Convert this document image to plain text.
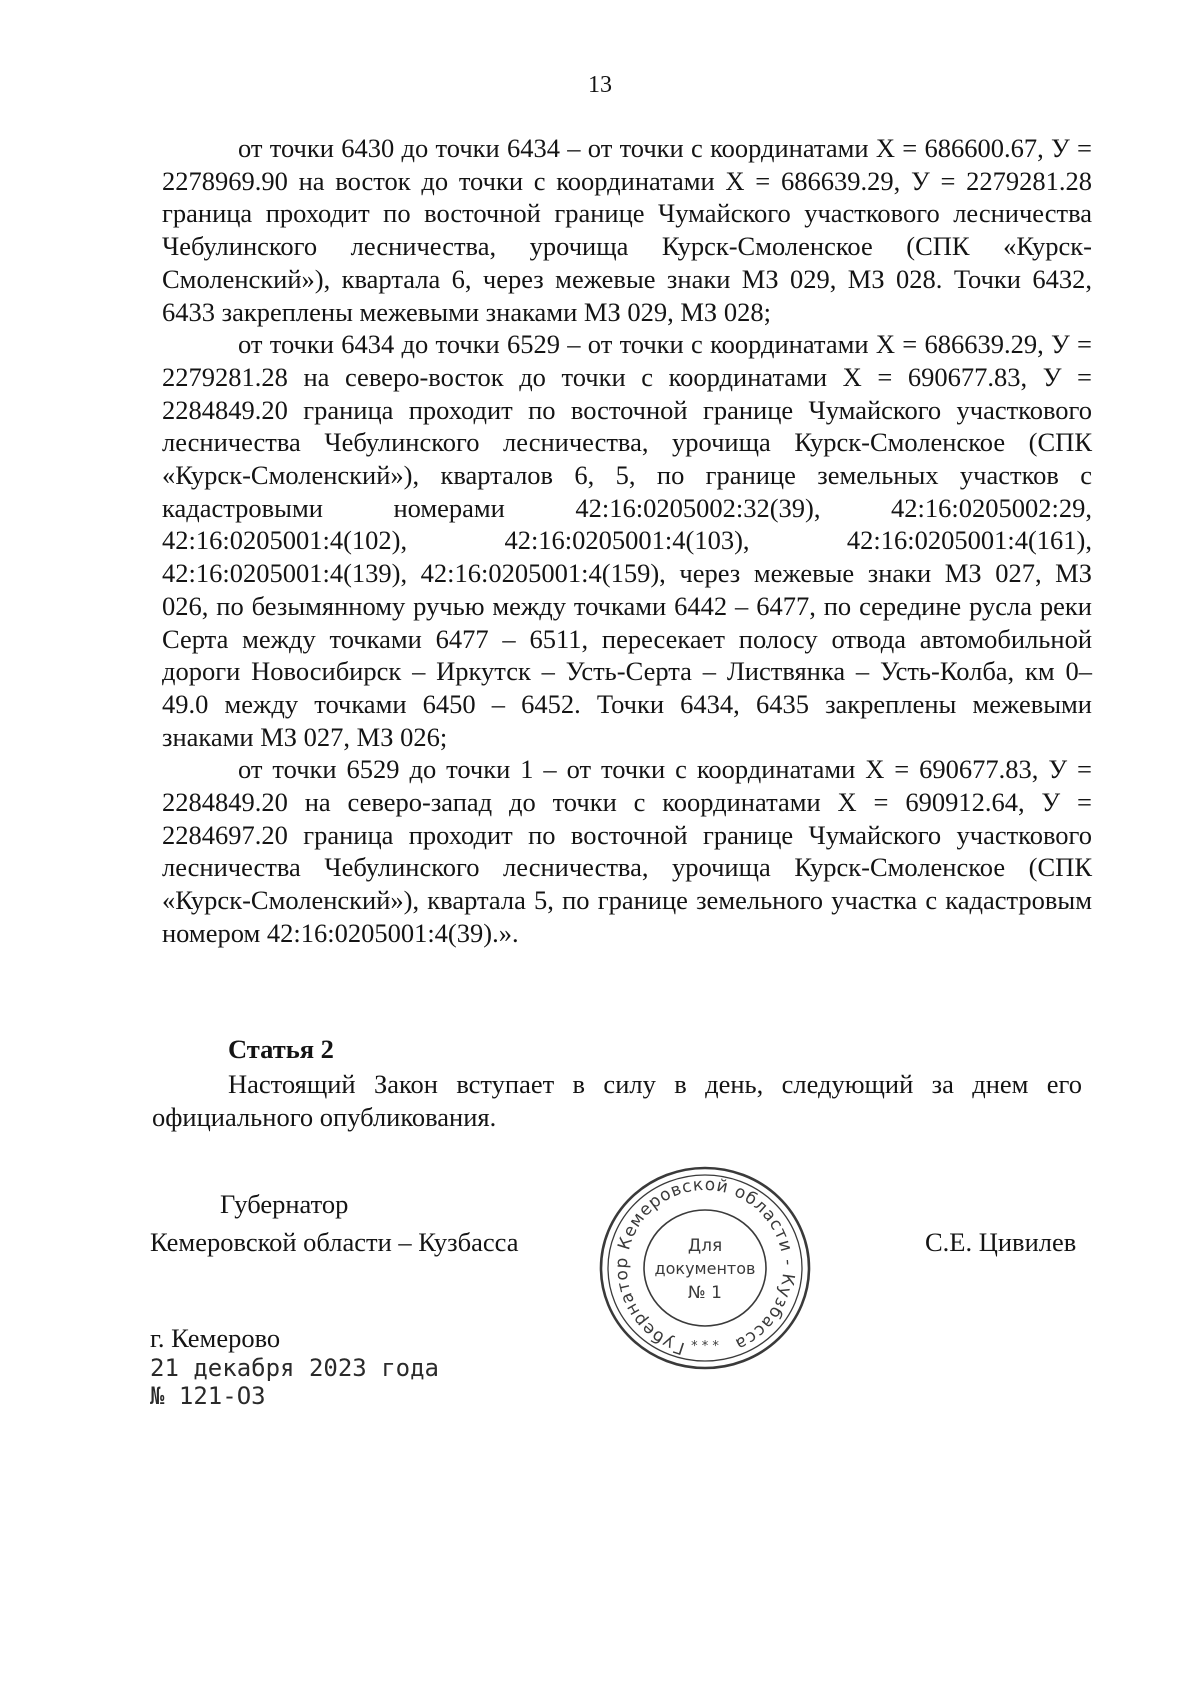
13

от точки 6430 до точки 6434 – от точки с координатами Х = 686600.67, У = 2278969.90 на восток до точки с координатами Х = 686639.29, У = 2279281.28 граница проходит по восточной границе Чумайского участкового лесничества Чебулинского лесничества, урочища Курск-Смоленское (СПК «Курск-Смоленский»), квартала 6, через межевые знаки МЗ 029, МЗ 028. Точки 6432, 6433 закреплены межевыми знаками МЗ 029, МЗ 028;

от точки 6434 до точки 6529 – от точки с координатами Х = 686639.29, У = 2279281.28 на северо-восток до точки с координатами Х = 690677.83, У = 2284849.20 граница проходит по восточной границе Чумайского участкового лесничества Чебулинского лесничества, урочища Курск-Смоленское (СПК «Курск-Смоленский»), кварталов 6, 5, по границе земельных участков с кадастровыми номерами 42:16:0205002:32(39), 42:16:0205002:29, 42:16:0205001:4(102), 42:16:0205001:4(103), 42:16:0205001:4(161), 42:16:0205001:4(139), 42:16:0205001:4(159), через межевые знаки МЗ 027, МЗ 026, по безымянному ручью между точками 6442 – 6477, по середине русла реки Серта между точками 6477 – 6511, пересекает полосу отвода автомобильной дороги Новосибирск – Иркутск – Усть-Серта – Листвянка – Усть-Колба, км 0–49.0 между точками 6450 – 6452. Точки 6434, 6435 закреплены межевыми знаками МЗ 027, МЗ 026;

от точки 6529 до точки 1 – от точки с координатами Х = 690677.83, У = 2284849.20 на северо-запад до точки с координатами Х = 690912.64, У = 2284697.20 граница проходит по восточной границе Чумайского участкового лесничества Чебулинского лесничества, урочища Курск-Смоленское (СПК «Курск-Смоленский»), квартала 5, по границе земельного участка с кадастровым номером 42:16:0205001:4(39).».

Статья 2

Настоящий Закон вступает в силу в день, следующий за днем его официального опубликования.

Губернатор
Кемеровской области – Кузбасса	С.Е. Цивилев
Губернатор Кемеровской области - Кузбасса
* * *
Для
документов
№ 1
г. Кемерово
21 декабря 2023 года
№ 121-ОЗ
